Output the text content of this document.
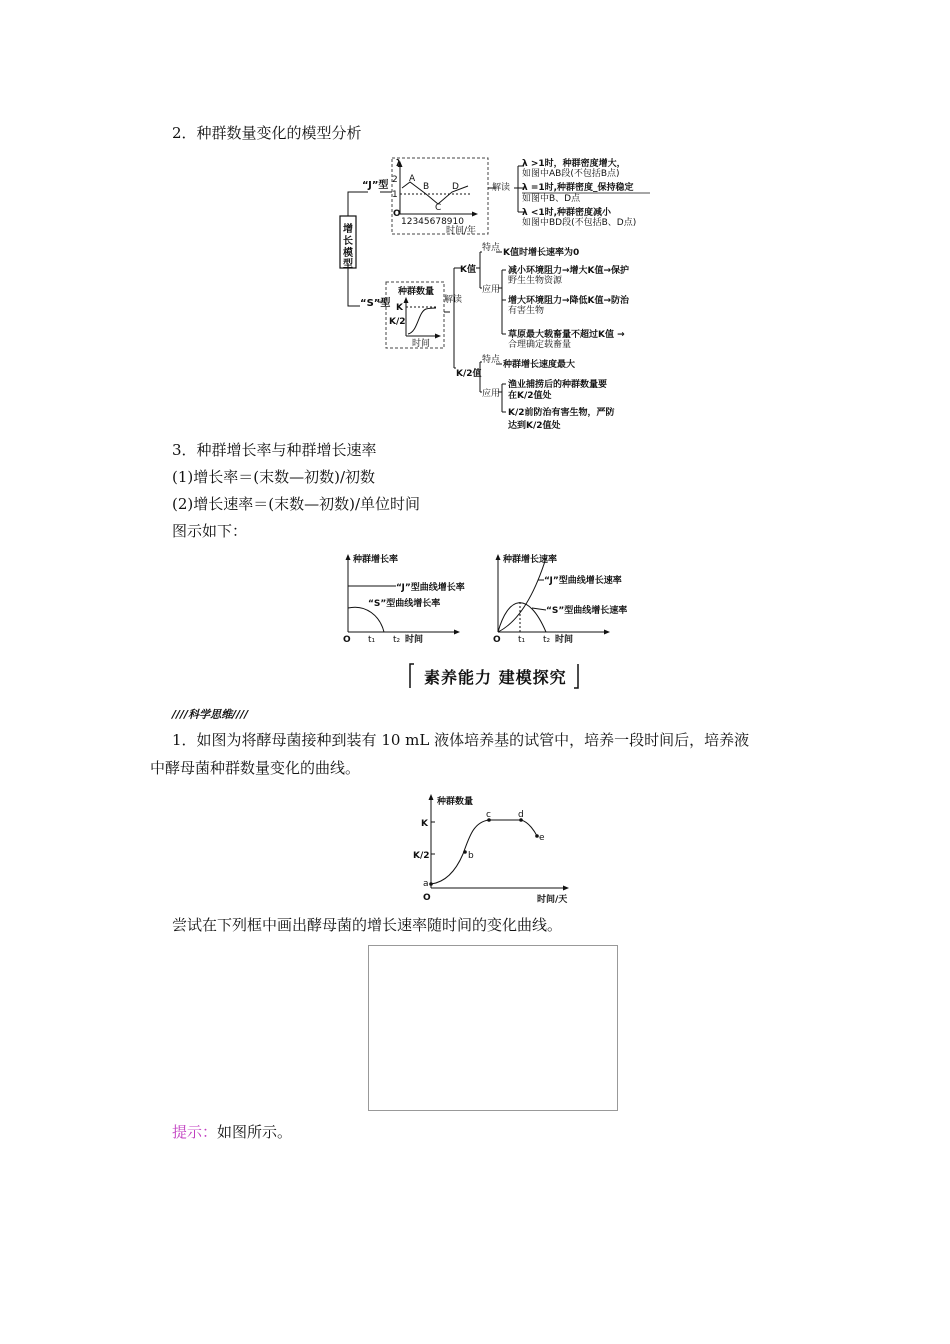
2．种群数量变化的模型分析
增
长
模
型
“J”型
λ
2
1
A
B
C
D
O
12345678910
时间/年
解读
λ >1时，种群密度增大，
如图中AB段(不包括B点)
λ =1时,种群密度_保持稳定
如图中B、D点
λ <1时,种群密度减小
如图中BD段(不包括B、D点)
“S”型
种群数量
K
K/2
时间
解读
K值
特点 K值时增长速率为0
应用
减小环境阻力→增大K值→保护
野生生物资源
增大环境阻力→降低K值→防治
有害生物
草原最大载畜量不超过K值 →
合理确定载畜量
K/2值
特点 种群增长速度最大
应用
渔业捕捞后的种群数量要
在K/2值处
K/2前防治有害生物，严防
达到K/2值处
3．种群增长率与种群增长速率
(1)增长率＝(末数—初数)/初数
(2)增长速率＝(末数—初数)/单位时间
图示如下：
种群增长率
“J”型曲线增长率
“S”型曲线增长率
O t₁ t₂ 时间
种群增长速率
“J”型曲线增长速率
“S”型曲线增长速率
O t₁ t₂ 时间
素养能力 建模探究
////科学思维////
1．如图为将酵母菌接种到装有 10 mL 液体培养基的试管中，培养一段时间后，培养液
中酵母菌种群数量变化的曲线。
种群数量
K
K/2
a
b
c	d
e
O	时间/天
尝试在下列框中画出酵母菌的增长速率随时间的变化曲线。
提示：如图所示。
